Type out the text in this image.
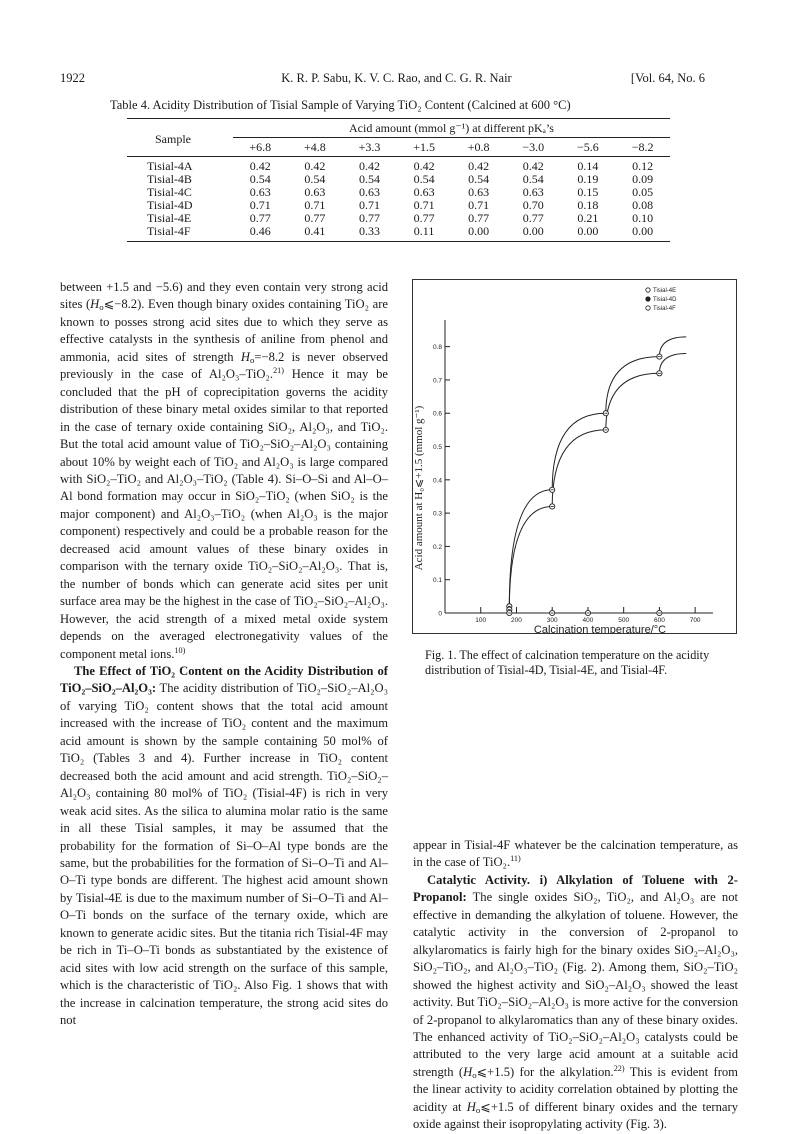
1922	K. R. P. Sabu, K. V. C. Rao, and C. G. R. Nair	[Vol. 64, No. 6
Table 4. Acidity Distribution of Tisial Sample of Varying TiO₂ Content (Calcined at 600 °C)
Sample	Acid amount (mmol g⁻¹) at different pKₐ’s							
	+6.8	+4.8	+3.3	+1.5	+0.8	−3.0	−5.6	−8.2
Tisial-4A	0.42	0.42	0.42	0.42	0.42	0.42	0.14	0.12
Tisial-4B	0.54	0.54	0.54	0.54	0.54	0.54	0.19	0.09
Tisial-4C	0.63	0.63	0.63	0.63	0.63	0.63	0.15	0.05
Tisial-4D	0.71	0.71	0.71	0.71	0.71	0.70	0.18	0.08
Tisial-4E	0.77	0.77	0.77	0.77	0.77	0.77	0.21	0.10
Tisial-4F	0.46	0.41	0.33	0.11	0.00	0.00	0.00	0.00

between +1.5 and −5.6) and they even contain very strong acid sites $(H_o⩽-8.2)$. Even though binary oxides containing TiO₂ are known to posses strong acid sites due to which they serve as effective catalysts in the synthesis of aniline from phenol and ammonia, acid sites of strength $H_o=-8.2$ is never observed previously in the case of Al₂O₃–TiO₂.$^{21)}$ Hence it may be concluded that the pH of coprecipitation governs the acidity distribution of these binary metal oxides similar to that reported in the case of ternary oxide containing SiO₂, Al₂O₃, and TiO₂. But the total acid amount value of TiO₂–SiO₂–Al₂O₃ containing about 10% by weight each of TiO₂ and Al₂O₃ is large compared with SiO₂–TiO₂ and Al₂O₃–TiO₂ (Table 4). Si–O–Si and Al–O–Al bond formation may occur in SiO₂–TiO₂ (when SiO₂ is the major component) and Al₂O₃–TiO₂ (when Al₂O₃ is the major component) respectively and could be a probable reason for the decreased acid amount values of these binary oxides in comparison with the ternary oxide TiO₂–SiO₂–Al₂O₃. That is, the number of bonds which can generate acid sites per unit surface area may be the highest in the case of TiO₂–SiO₂–Al₂O₃. However, the acid strength of a mixed metal oxide system depends on the averaged electronegativity values of the component metal ions.$^{10)}$

The Effect of TiO₂ Content on the Acidity Distribution of TiO₂–SiO₂–Al₂O₃: The acidity distribution of TiO₂–SiO₂–Al₂O₃ of varying TiO₂ content shows that the total acid amount increased with the increase of TiO₂ content and the maximum acid amount is shown by the sample containing 50 mol% of TiO₂ (Tables 3 and 4). Further increase in TiO₂ content decreased both the acid amount and acid strength. TiO₂–SiO₂–Al₂O₃ containing 80 mol% of TiO₂ (Tisial-4F) is rich in very weak acid sites. As the silica to alumina molar ratio is the same in all these Tisial samples, it may be assumed that the probability for the formation of Si–O–Al type bonds are the same, but the probabilities for the formation of Si–O–Ti and Al–O–Ti type bonds are different. The highest acid amount shown by Tisial-4E is due to the maximum number of Si–O–Ti and Al–O–Ti bonds on the surface of the ternary oxide, which are known to generate acidic sites. But the titania rich Tisial-4F may be rich in Ti–O–Ti bonds as substantiated by the existence of acid sites with low acid strength on the surface of this sample, which is the characteristic of TiO₂. Also Fig. 1 shows that with the increase in calcination temperature, the strong acid sites do not

100	200	300	400	500	600	700
0
0.1
0.2
0.3
0.4
0.5
0.6
0.7
0.8
Tisial-4E
Tisial-4D
Tisial-4F
Calcination temperature/°C
Acid amount at H₀⩽+1.5 (mmol g⁻¹)
Fig. 1. The effect of calcination temperature on the acidity distribution of Tisial-4D, Tisial-4E, and Tisial-4F.

appear in Tisial-4F whatever be the calcination temperature, as in the case of TiO₂.$^{11)}$

Catalytic Activity. i) Alkylation of Toluene with 2-Propanol: The single oxides SiO₂, TiO₂, and Al₂O₃ are not effective in demanding the alkylation of toluene. However, the catalytic activity in the conversion of 2-propanol to alkylaromatics is fairly high for the binary oxides SiO₂–Al₂O₃, SiO₂–TiO₂, and Al₂O₃–TiO₂ (Fig. 2). Among them, SiO₂–TiO₂ showed the highest activity and SiO₂–Al₂O₃ showed the least activity. But TiO₂–SiO₂–Al₂O₃ is more active for the conversion of 2-propanol to alkylaromatics than any of these binary oxides. The enhanced activity of TiO₂–SiO₂–Al₂O₃ catalysts could be attributed to the very large acid amount at a suitable acid strength $(H_o⩽+1.5)$ for the alkylation.$^{22)}$ This is evident from the linear activity to acidity correlation obtained by plotting the acidity at $H_o⩽+1.5$ of different binary oxides and the ternary oxide against their isopropylating activity (Fig. 3).
